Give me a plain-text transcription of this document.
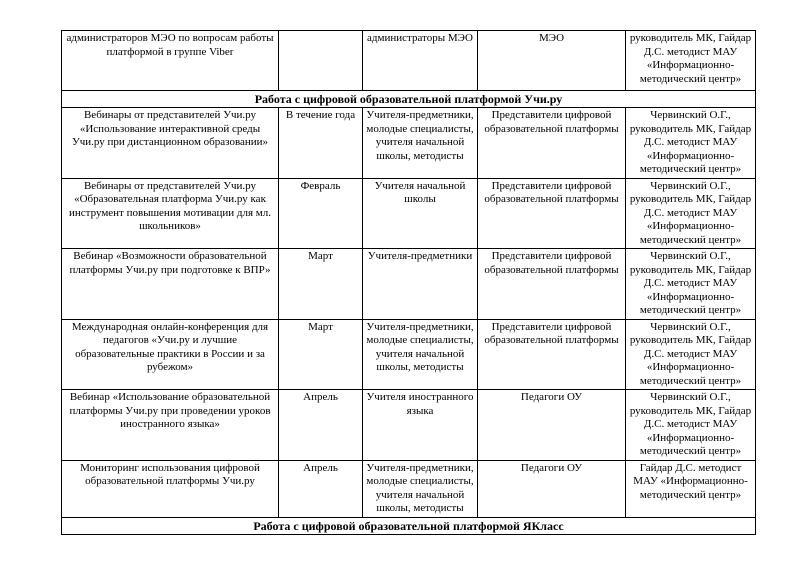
администраторов МЭО по вопросам работы платформой в группе Viber		администраторы МЭО	МЭО	руководитель МК, Гайдар Д.С. методист МАУ «Информационно-методический центр»
Работа с цифровой образовательной платформой Учи.ру				
Вебинары от представителей Учи.ру «Использование интерактивной среды Учи.ру при дистанционном образовании»	В течение года	Учителя-предметники, молодые специалисты, учителя начальной школы, методисты	Представители цифровой образовательной платформы	Червинский О.Г., руководитель МК, Гайдар Д.С. методист МАУ «Информационно-методический центр»
Вебинары от представителей Учи.ру «Образовательная платформа Учи.ру как инструмент повышения мотивации для мл. школьников»	Февраль	Учителя начальной школы	Представители цифровой образовательной платформы	Червинский О.Г., руководитель МК, Гайдар Д.С. методист МАУ «Информационно-методический центр»
Вебинар «Возможности образовательной платформы Учи.ру при подготовке к ВПР»	Март	Учителя-предметники	Представители цифровой образовательной платформы	Червинский О.Г., руководитель МК, Гайдар Д.С. методист МАУ «Информационно-методический центр»
Международная онлайн-конференция для педагогов «Учи.ру и лучшие образовательные практики в России и за рубежом»	Март	Учителя-предметники, молодые специалисты, учителя начальной школы, методисты	Представители цифровой образовательной платформы	Червинский О.Г., руководитель МК, Гайдар Д.С. методист МАУ «Информационно-методический центр»
Вебинар «Использование образовательной платформы Учи.ру при проведении уроков иностранного языка»	Апрель	Учителя иностранного языка	Педагоги ОУ	Червинский О.Г., руководитель МК, Гайдар Д.С. методист МАУ «Информационно-методический центр»
Мониторинг использования цифровой образовательной платформы Учи.ру	Апрель	Учителя-предметники, молодые специалисты, учителя начальной школы, методисты	Педагоги ОУ	Гайдар Д.С. методист МАУ «Информационно-методический центр»
Работа с цифровой образовательной платформой ЯКласс				
